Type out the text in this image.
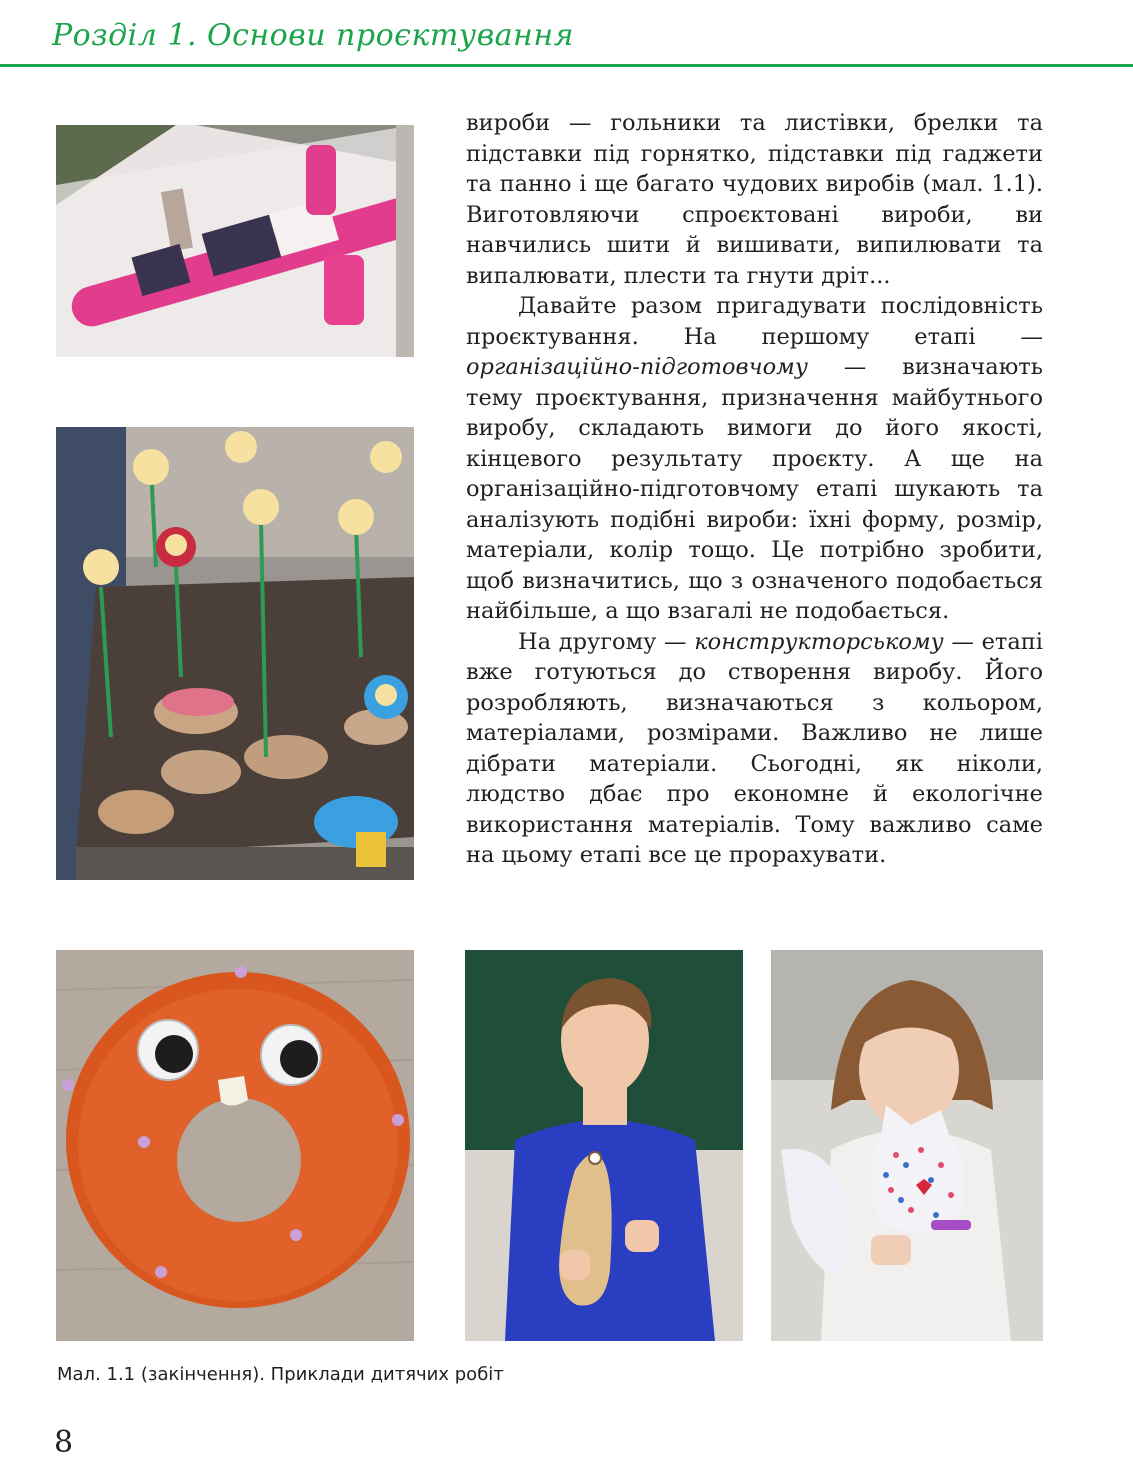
Розділ 1. Основи проєктування

вироби — гольники та листівки, брелки та підставки під горнятко, підставки під гаджети та панно і ще багато чудових виробів (мал. 1.1). Виготовляючи спроєктовані вироби, ви навчились шити й вишивати, випилювати та випалювати, плести та гнути дріт...

Давайте разом пригадувати послідовність проєктування. На першому етапі — організаційно-підготовчому — визначають тему проєктування, призначення майбутнього виробу, складають вимоги до його якості, кінцевого результату проєкту. А ще на організаційно-підготовчому етапі шукають та аналізують подібні вироби: їхні форму, розмір, матеріали, колір тощо. Це потрібно зробити, щоб визначитись, що з означеного подобається найбільше, а що взагалі не подобається.

На другому — конструкторському — етапі вже готуються до створення виробу. Його розробляють, визначаються з кольором, матеріалами, розмірами. Важливо не лише дібрати матеріали. Сьогодні, як ніколи, людство дбає про економне й екологічне використання матеріалів. Тому важливо саме на цьому етапі все це прорахувати.

Мал. 1.1 (закінчення). Приклади дитячих робіт
8
